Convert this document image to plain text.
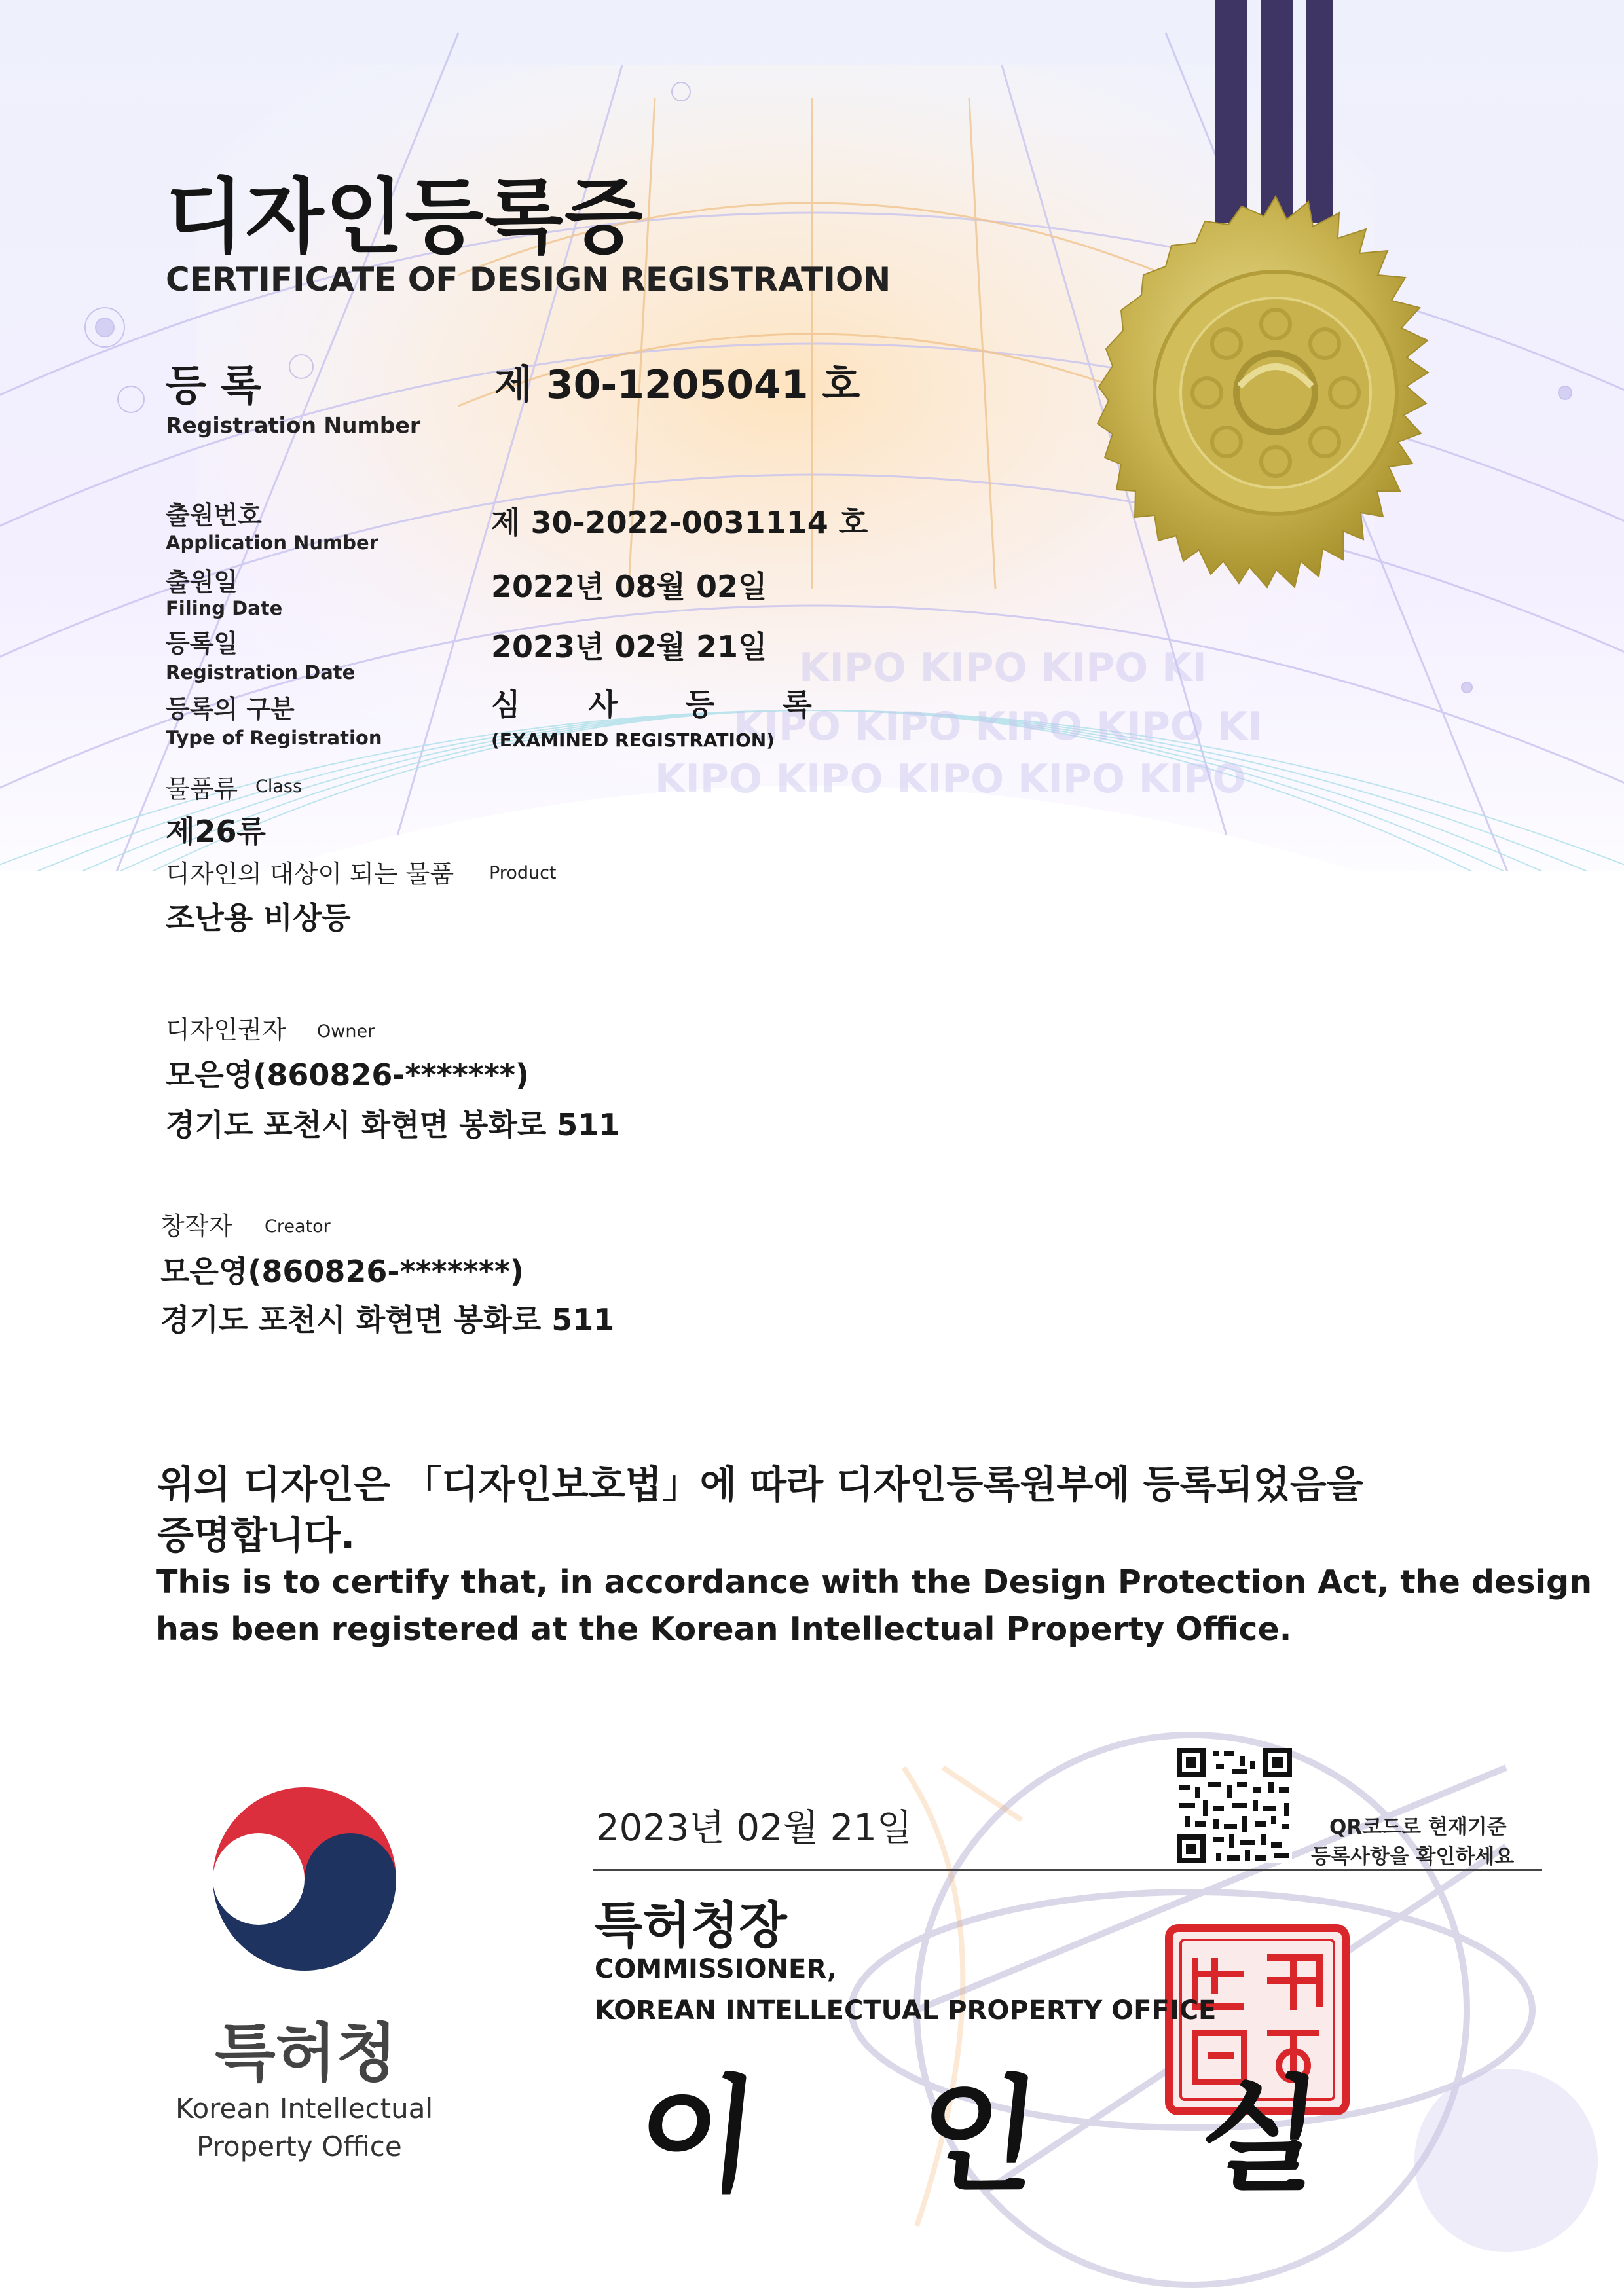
KIPO KIPO KIPO KI
KIPO KIPO KIPO KIPO KI
KIPO KIPO KIPO KIPO KIPO
디자인등록증
CERTIFICATE OF DESIGN REGISTRATION
등 록
Registration Number
제 30-1205041 호
출원번호
Application Number
제 30-2022-0031114 호
출원일
Filing Date
2022년 08월 02일
등록일
Registration Date
2023년 02월 21일
등록의 구분
Type of Registration
심 사 등 록
(EXAMINED REGISTRATION)
물품류 Class
제26류
디자인의 대상이 되는 물품 Product
조난용 비상등
디자인권자 Owner
모은영(860826-*******)
경기도 포천시 화현면 봉화로 511
창작자 Creator
모은영(860826-*******)
경기도 포천시 화현면 봉화로 511
위의 디자인은 「디자인보호법」에 따라 디자인등록원부에 등록되었음을
증명합니다.
This is to certify that, in accordance with the Design Protection Act, the design
has been registered at the Korean Intellectual Property Office.
2023년 02월 21일	QR코드로 현재기준
등록사항을 확인하세요
특허청장
COMMISSIONER,
KOREAN INTELLECTUAL PROPERTY OFFICE
이 인 실
특허청
Korean Intellectual
Property Office
